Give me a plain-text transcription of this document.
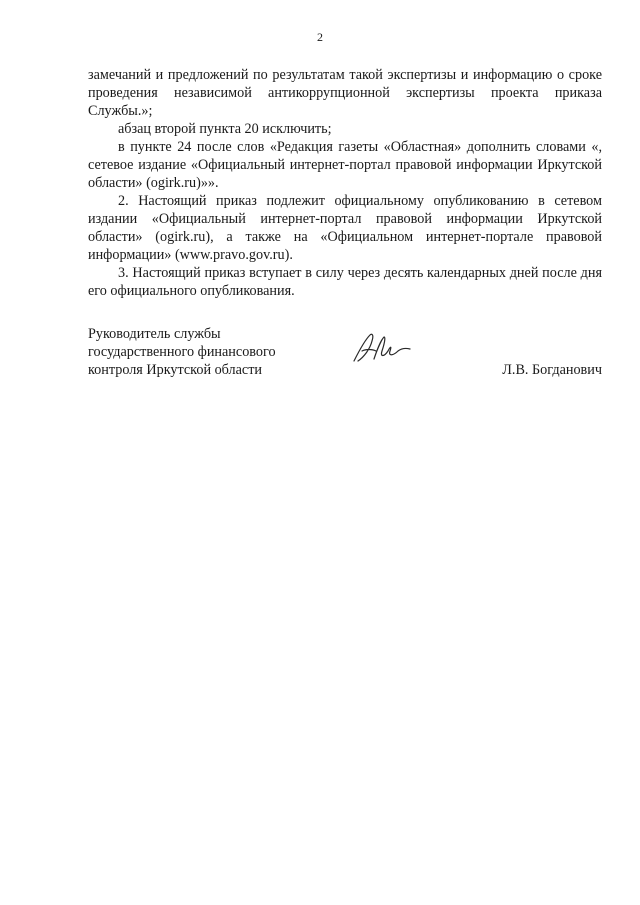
2

замечаний и предложений по результатам такой экспертизы и информацию о сроке проведения независимой антикоррупционной экспертизы проекта приказа Службы.»;

абзац второй пункта 20 исключить;

в пункте 24 после слов «Редакция газеты «Областная» дополнить словами «, сетевое издание «Официальный интернет-портал правовой информации Иркутской области» (ogirk.ru)»».

2. Настоящий приказ подлежит официальному опубликованию в сетевом издании «Официальный интернет-портал правовой информации Иркутской области» (ogirk.ru), а также на «Официальном интернет-портале правовой информации» (www.pravo.gov.ru).

3. Настоящий приказ вступает в силу через десять календарных дней после дня его официального опубликования.

Руководитель службы
государственного финансового
контроля Иркутской области	Л.В. Богданович
